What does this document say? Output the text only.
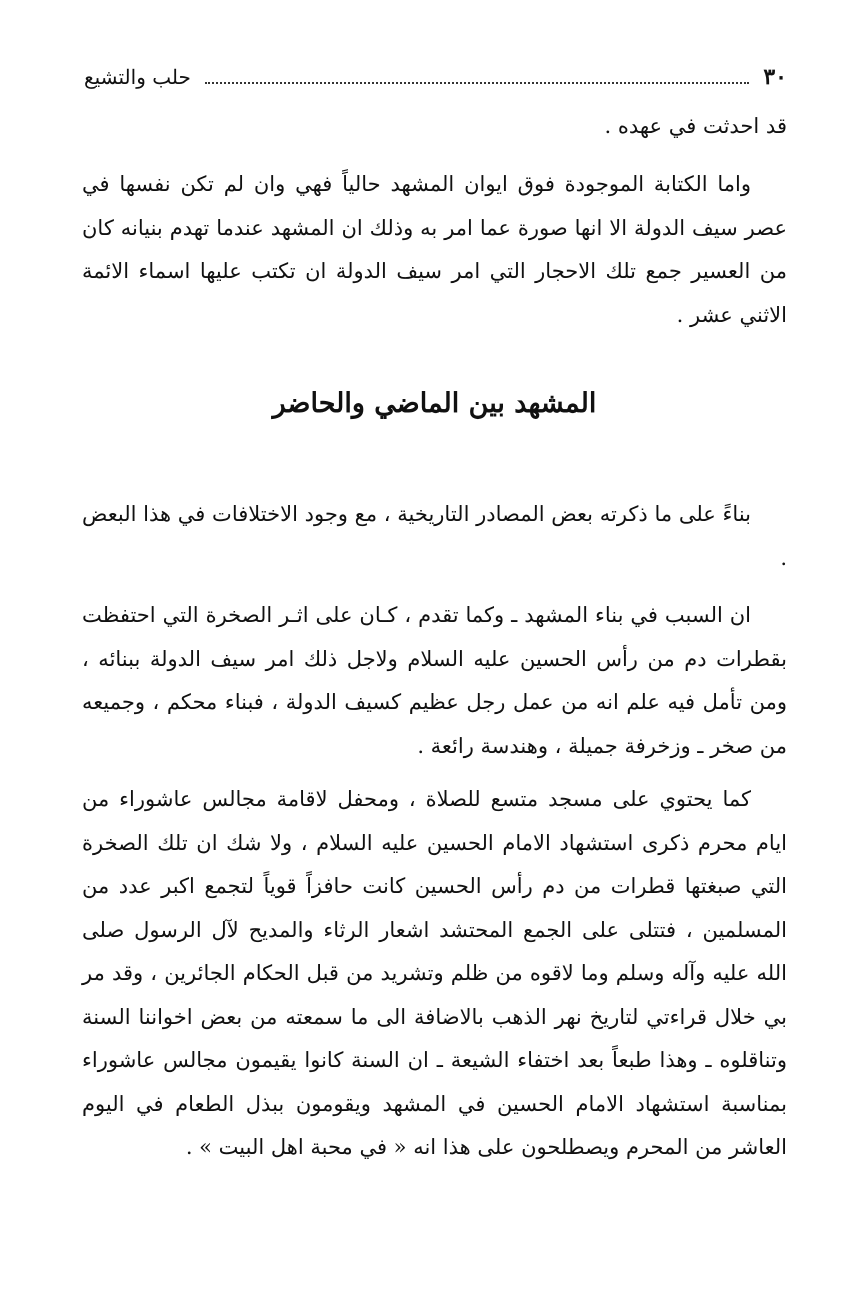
٣٠
حلب والتشيع

قد احدثت في عهده .

واما الكتابة الموجودة فوق ايوان المشهد حالياً فهي وان لم تكن نفسها في عصر سيف الدولة الا انها صورة عما امر به وذلك ان المشهد عندما تهدم بنيانه كان من العسير جمع تلك الاحجار التي امر سيف الدولة ان تكتب عليها اسماء الائمة الاثني عشر .

المشهد بين الماضي والحاضر

بناءً على ما ذكرته بعض المصادر التاريخية ، مع وجود الاختلافات في هذا البعض .

ان السبب في بناء المشهد ـ وكما تقدم ، كـان على اثـر الصخرة التي احتفظت بقطرات دم من رأس الحسين عليه السلام ولاجل ذلك امر سيف الدولة ببنائه ، ومن تأمل فيه علم انه من عمل رجل عظيم كسيف الدولة ، فبناء محكم ، وجميعه من صخر ـ وزخرفة جميلة ، وهندسة رائعة .

كما يحتوي على مسجد متسع للصلاة ، ومحفل لاقامة مجالس عاشوراء من ايام محرم ذكرى استشهاد الامام الحسين عليه السلام ، ولا شك ان تلك الصخرة التي صبغتها قطرات من دم رأس الحسين كانت حافزاً قوياً لتجمع اكبر عدد من المسلمين ، فتتلى على الجمع المحتشد اشعار الرثاء والمديح لآل الرسول صلى الله عليه وآله وسلم وما لاقوه من ظلم وتشريد من قبل الحكام الجائرين ، وقد مر بي خلال قراءتي لتاريخ نهر الذهب بالاضافة الى ما سمعته من بعض اخواننا السنة وتناقلوه ـ وهذا طبعاً بعد اختفاء الشيعة ـ ان السنة كانوا يقيمون مجالس عاشوراء بمناسبة استشهاد الامام الحسين في المشهد ويقومون ببذل الطعام في اليوم العاشر من المحرم ويصطلحون على هذا انه « في محبة اهل البيت » .
